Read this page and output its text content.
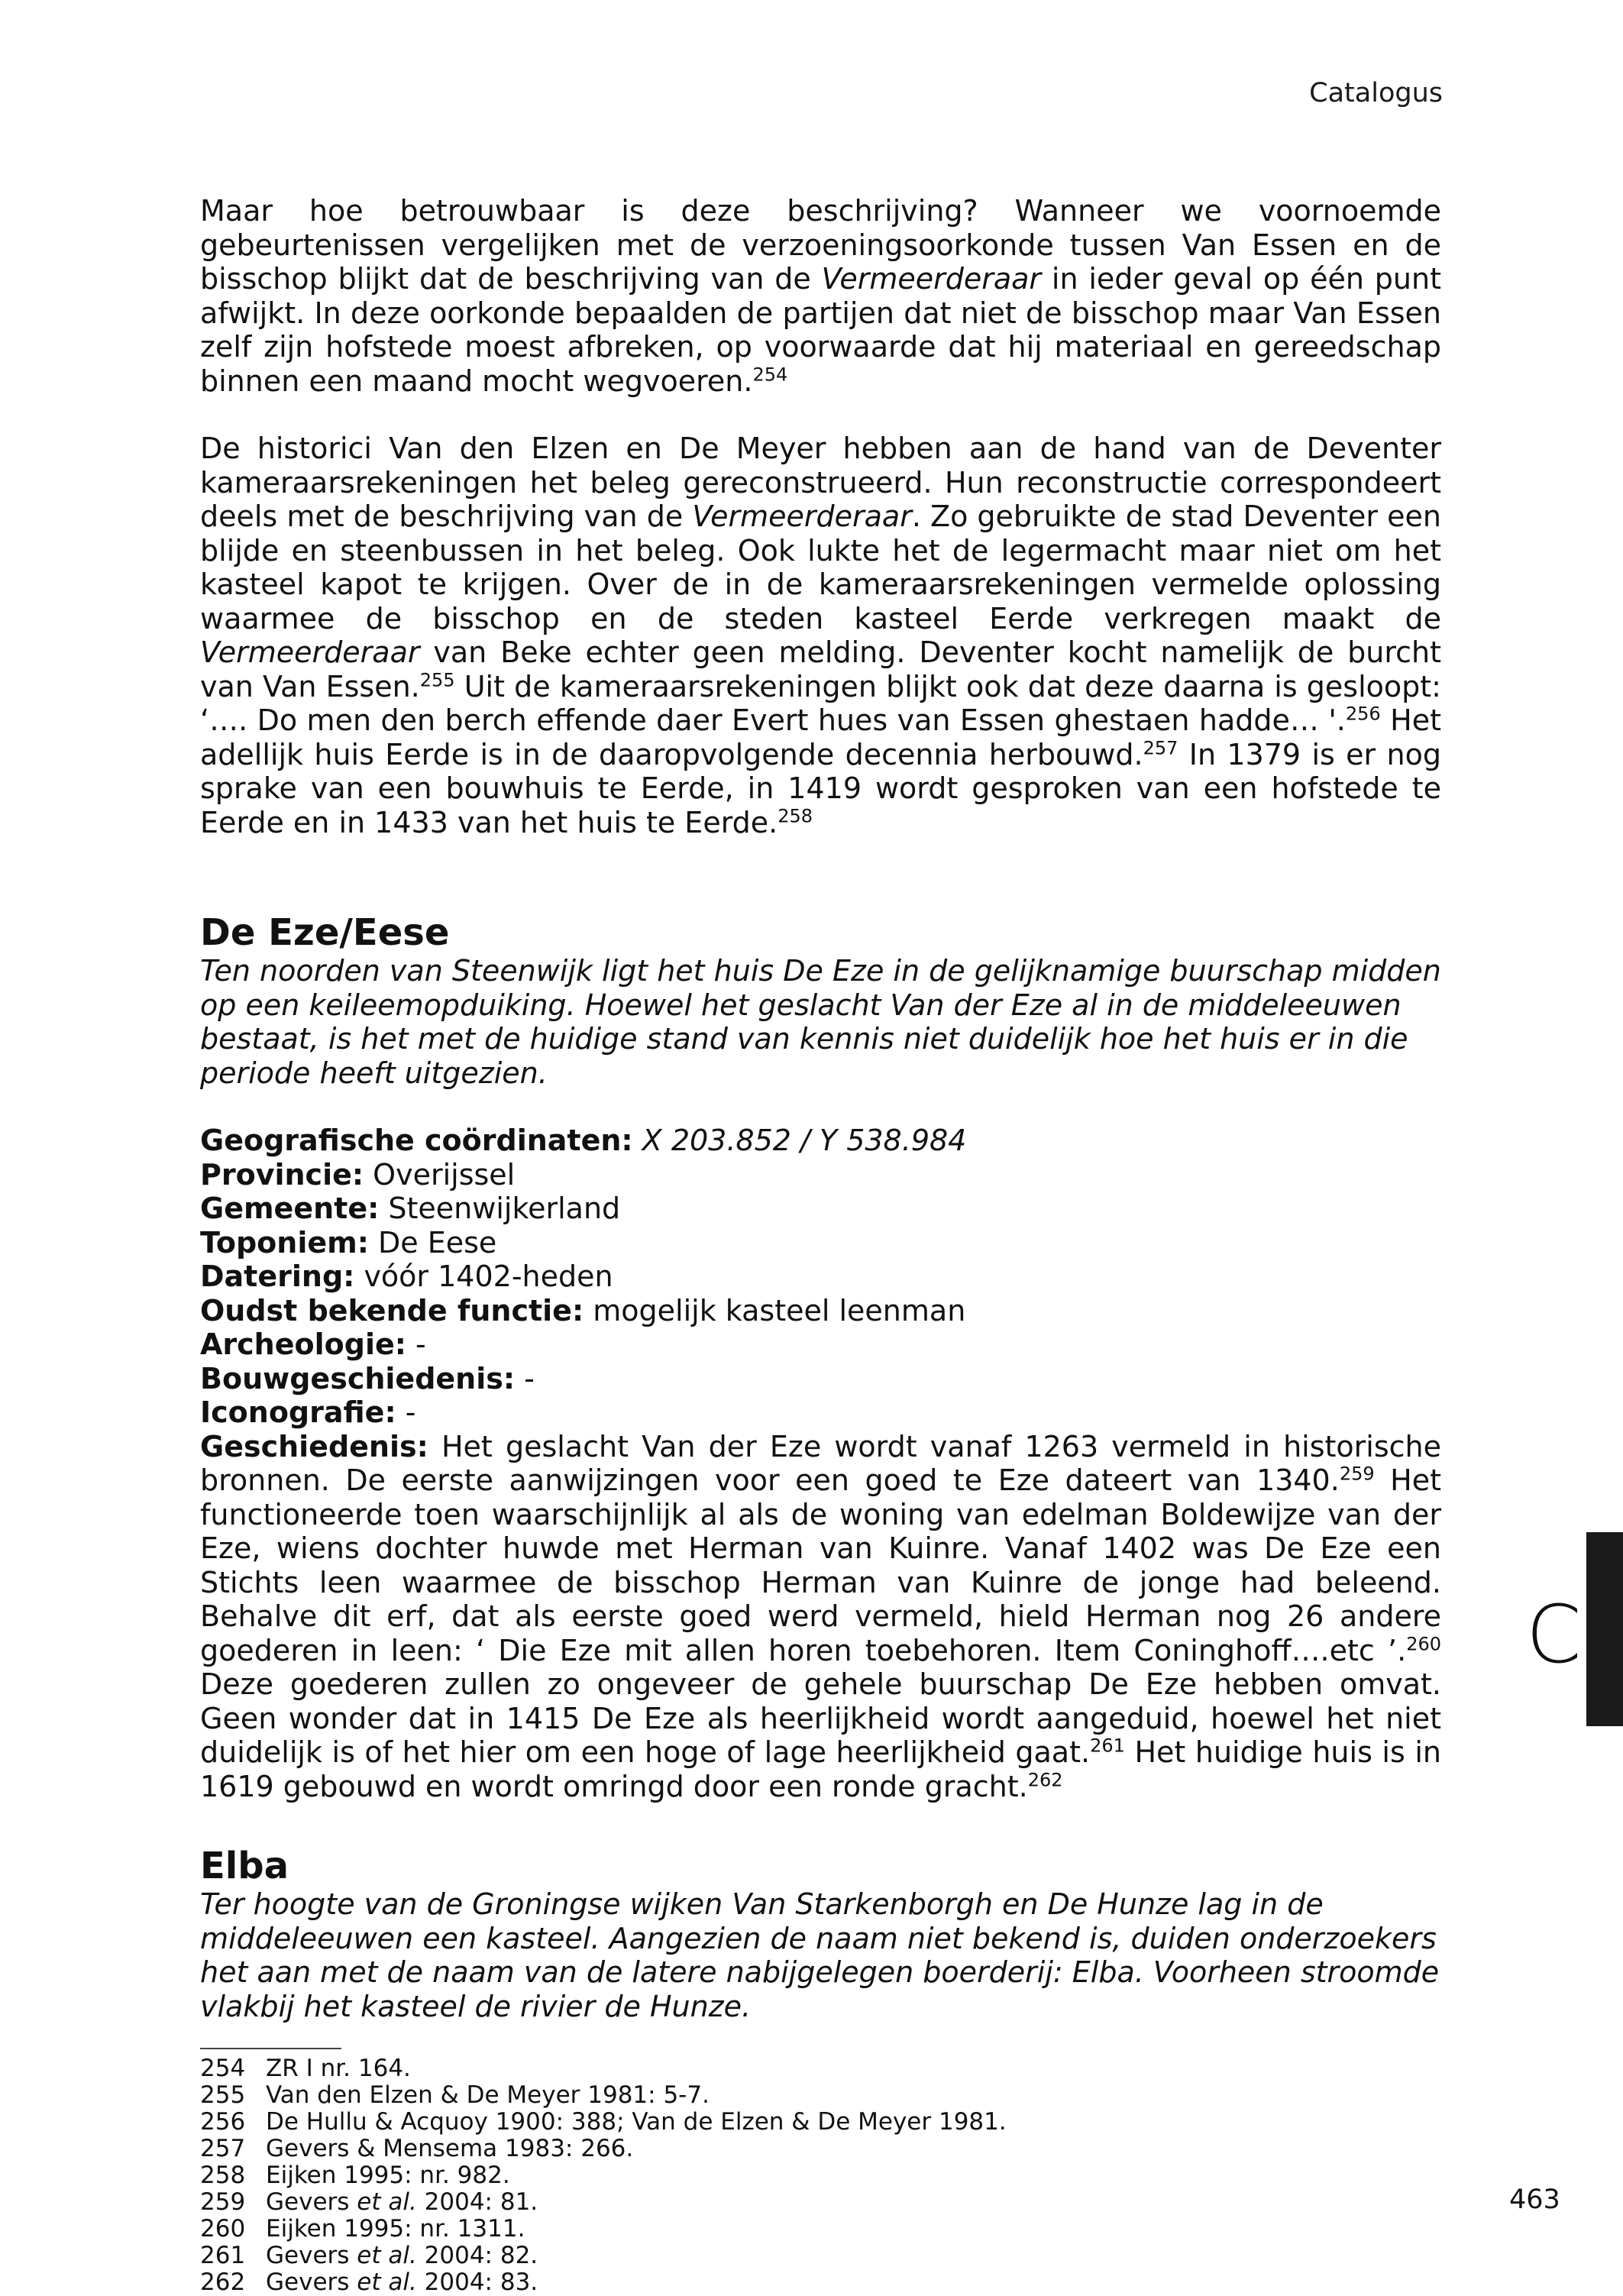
Catalogus

Maar hoe betrouwbaar is deze beschrijving? Wanneer we voornoemde gebeurtenissen vergelijken met de verzoeningsoorkonde tussen Van Essen en de bisschop blijkt dat de beschrijving van de Vermeerderaar in ieder geval op één punt afwijkt. In deze oorkonde bepaalden de partijen dat niet de bisschop maar Van Essen zelf zijn hofstede moest afbreken, op voorwaarde dat hij materiaal en gereedschap binnen een maand mocht wegvoeren.$^{254}$

De historici Van den Elzen en De Meyer hebben aan de hand van de Deventer kameraarsrekeningen het beleg gereconstrueerd. Hun reconstructie correspondeert deels met de beschrijving van de Vermeerderaar. Zo gebruikte de stad Deventer een blijde en steenbussen in het beleg. Ook lukte het de legermacht maar niet om het kasteel kapot te krijgen. Over de in de kameraarsrekeningen vermelde oplossing waarmee de bisschop en de steden kasteel Eerde verkregen maakt de Vermeerderaar van Beke echter geen melding. Deventer kocht namelijk de burcht van Van Essen.$^{255}$ Uit de kameraarsrekeningen blijkt ook dat deze daarna is gesloopt: ‘…. Do men den berch effende daer Evert hues van Essen ghestaen hadde… '.$^{256}$ Het adellijk huis Eerde is in de daaropvolgende decennia herbouwd.$^{257}$ In 1379 is er nog sprake van een bouwhuis te Eerde, in 1419 wordt gesproken van een hofstede te Eerde en in 1433 van het huis te Eerde.$^{258}$

De Eze/Eese

Ten noorden van Steenwijk ligt het huis De Eze in de gelijknamige buurschap midden op een keileemopduiking. Hoewel het geslacht Van der Eze al in de middeleeuwen bestaat, is het met de huidige stand van kennis niet duidelijk hoe het huis er in die periode heeft uitgezien.

Geografische coördinaten: X 203.852 / Y 538.984

Provincie: Overijssel

Gemeente: Steenwijkerland

Toponiem: De Eese

Datering: vóór 1402-heden

Oudst bekende functie: mogelijk kasteel leenman

Archeologie: -

Bouwgeschiedenis: -

Iconografie: -

Geschiedenis: Het geslacht Van der Eze wordt vanaf 1263 vermeld in historische bronnen. De eerste aanwijzingen voor een goed te Eze dateert van 1340.$^{259}$ Het functioneerde toen waarschijnlijk al als de woning van edelman Boldewijze van der Eze, wiens dochter huwde met Herman van Kuinre. Vanaf 1402 was De Eze een Stichts leen waarmee de bisschop Herman van Kuinre de jonge had beleend. Behalve dit erf, dat als eerste goed werd vermeld, hield Herman nog 26 andere goederen in leen: ‘ Die Eze mit allen horen toebehoren. Item Coninghoff….etc ’.$^{260}$ Deze goederen zullen zo ongeveer de gehele buurschap De Eze hebben omvat. Geen wonder dat in 1415 De Eze als heerlijkheid wordt aangeduid, hoewel het niet duidelijk is of het hier om een hoge of lage heerlijkheid gaat.$^{261}$ Het huidige huis is in 1619 gebouwd en wordt omringd door een ronde gracht.$^{262}$

Elba

Ter hoogte van de Groningse wijken Van Starkenborgh en De Hunze lag in de middeleeuwen een kasteel. Aangezien de naam niet bekend is, duiden onderzoekers het aan met de naam van de latere nabijgelegen boerderij: Elba. Voorheen stroomde vlakbij het kasteel de rivier de Hunze.

254 ZR I nr. 164.
255 Van den Elzen & De Meyer 1981: 5-7.
256 De Hullu & Acquoy 1900: 388; Van de Elzen & De Meyer 1981.
257 Gevers & Mensema 1983: 266.
258 Eijken 1995: nr. 982.
259 Gevers et al. 2004: 81.
260 Eijken 1995: nr. 1311.
261 Gevers et al. 2004: 82.
262 Gevers et al. 2004: 83.
C
463
